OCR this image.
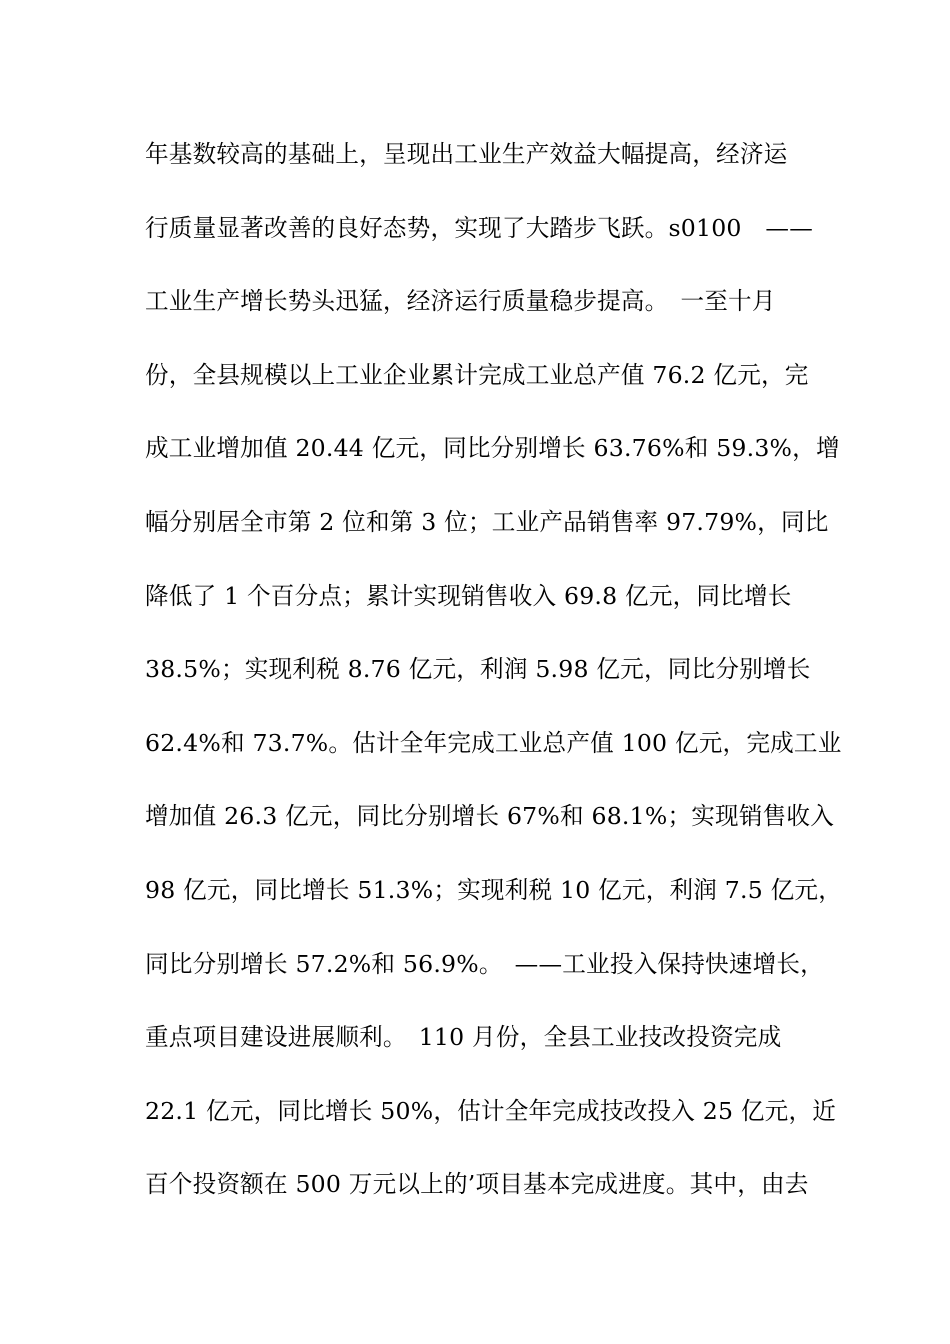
年基数较高的基础上，呈现出工业生产效益大幅提高，经济运
行质量显著改善的良好态势，实现了大踏步飞跃。s0100　——
工业生产增长势头迅猛，经济运行质量稳步提高。　一至十月
份，全县规模以上工业企业累计完成工业总产值 76.2 亿元，完
成工业增加值 20.44 亿元，同比分别增长 63.76%和 59.3%，增
幅分别居全市第 2 位和第 3 位；工业产品销售率 97.79%，同比
降低了 1 个百分点；累计实现销售收入 69.8 亿元，同比增长
38.5%；实现利税 8.76 亿元，利润 5.98 亿元，同比分别增长
62.4%和 73.7%。估计全年完成工业总产值 100 亿元，完成工业
增加值 26.3 亿元，同比分别增长 67%和 68.1%；实现销售收入
98 亿元，同比增长 51.3%；实现利税 10 亿元，利润 7.5 亿元，
同比分别增长 57.2%和 56.9%。　——工业投入保持快速增长，
重点项目建设进展顺利。　110 月份，全县工业技改投资完成
22.1 亿元，同比增长 50%，估计全年完成技改投入 25 亿元，近
百个投资额在 500 万元以上的’项目基本完成进度。其中，由去
